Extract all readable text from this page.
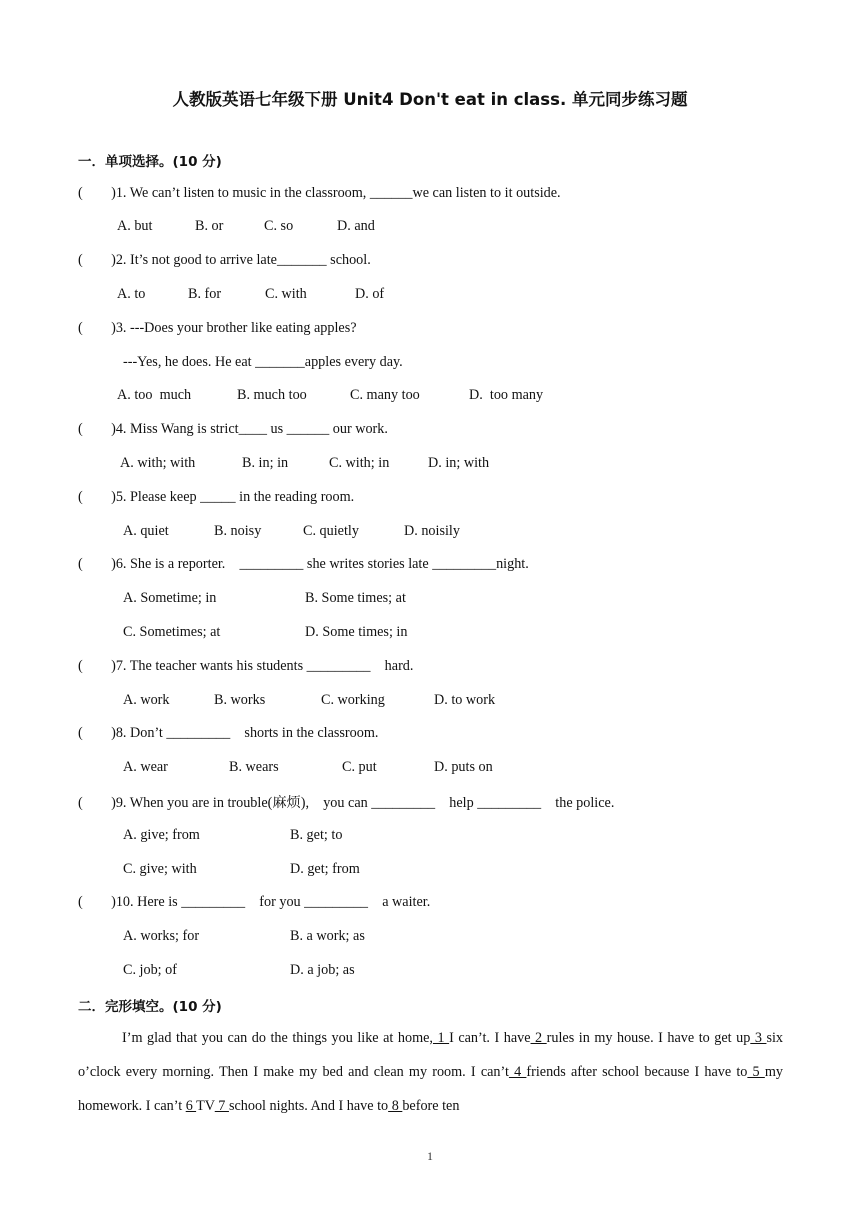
人教版英语七年级下册 Unit4 Don't eat in class. 单元同步练习题
一．单项选择。(10 分)
(        )1. We can’t listen to music in the classroom, ______we can listen to it outside.
A. but	B. or	C. so	D. and
(        )2. It’s not good to arrive late_______ school.
A. to	B. for	C. with	D. of
(        )3. ---Does your brother like eating apples?
---Yes, he does. He eat _______apples every day.
A. too  much	B. much too	C. many too	D.  too many
(        )4. Miss Wang is strict____ us ______ our work.
A. with; with	B. in; in	C. with; in	D. in; with
(        )5. Please keep _____ in the reading room.
A. quiet	B. noisy	C. quietly	D. noisily
(        )6. She is a reporter.    _________ she writes stories late _________night.
A. Sometime; in	B. Some times; at
C. Sometimes; at	D. Some times; in
(        )7. The teacher wants his students _________    hard.
A. work	B. works	C. working	D. to work
(        )8. Don’t _________    shorts in the classroom.
A. wear	B. wears	C. put	D. puts on
(        )9. When you are in trouble(麻烦),    you can _________    help _________    the police.
A. give; from	B. get; to
C. give; with	D. get; from
(        )10. Here is _________    for you _________    a waiter.
A. works; for	B. a work; as
C. job; of	D. a job; as
二．完形填空。(10 分)
I’m glad that you can do the things you like at home, 1 I can’t. I have 2 rules in my house. I have to get up 3 six o’clock every morning. Then I make my bed and clean my room. I can’t 4 friends after school because I have to 5 my homework. I can’t 6 TV 7 school nights. And I have to 8 before ten
1
